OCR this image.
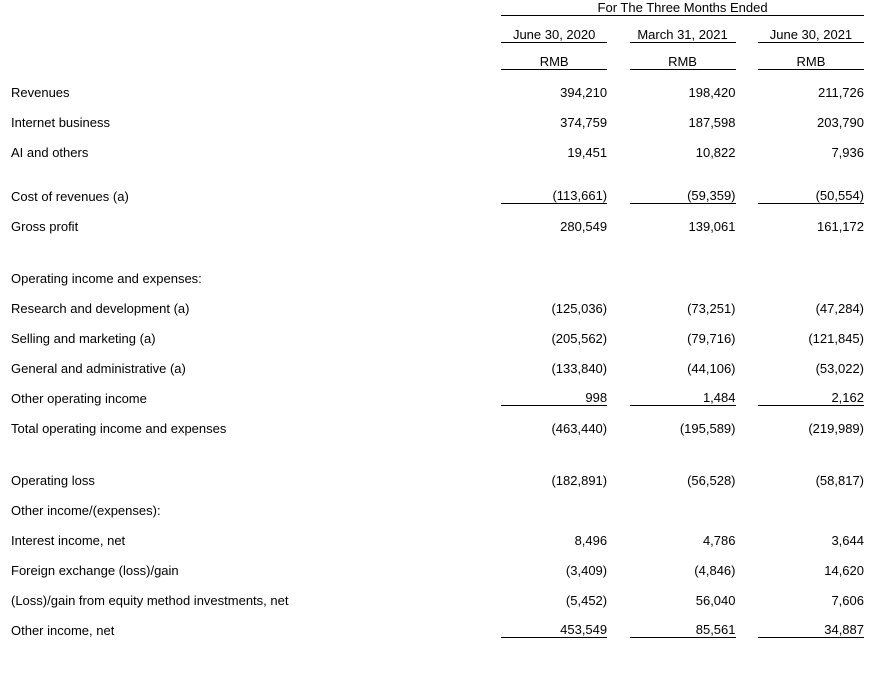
	For The Three Months Ended				
	June 30, 2020		March 31, 2021		June 30, 2021
	RMB		RMB		RMB
Revenues	394,210		198,420		211,726
Internet business	374,759		187,598		203,790
AI and others	19,451		10,822		7,936

Cost of revenues (a)	(113,661)		(59,359)		(50,554)
Gross profit	280,549		139,061		161,172

Operating income and expenses:					
Research and development (a)	(125,036)		(73,251)		(47,284)
Selling and marketing (a)	(205,562)		(79,716)		(121,845)
General and administrative (a)	(133,840)		(44,106)		(53,022)
Other operating income	998		1,484		2,162
Total operating income and expenses	(463,440)		(195,589)		(219,989)

Operating loss	(182,891)		(56,528)		(58,817)
Other income/(expenses):					
Interest income, net	8,496		4,786		3,644
Foreign exchange (loss)/gain	(3,409)		(4,846)		14,620
(Loss)/gain from equity method investments, net	(5,452)		56,040		7,606
Other income, net	453,549		85,561		34,887
